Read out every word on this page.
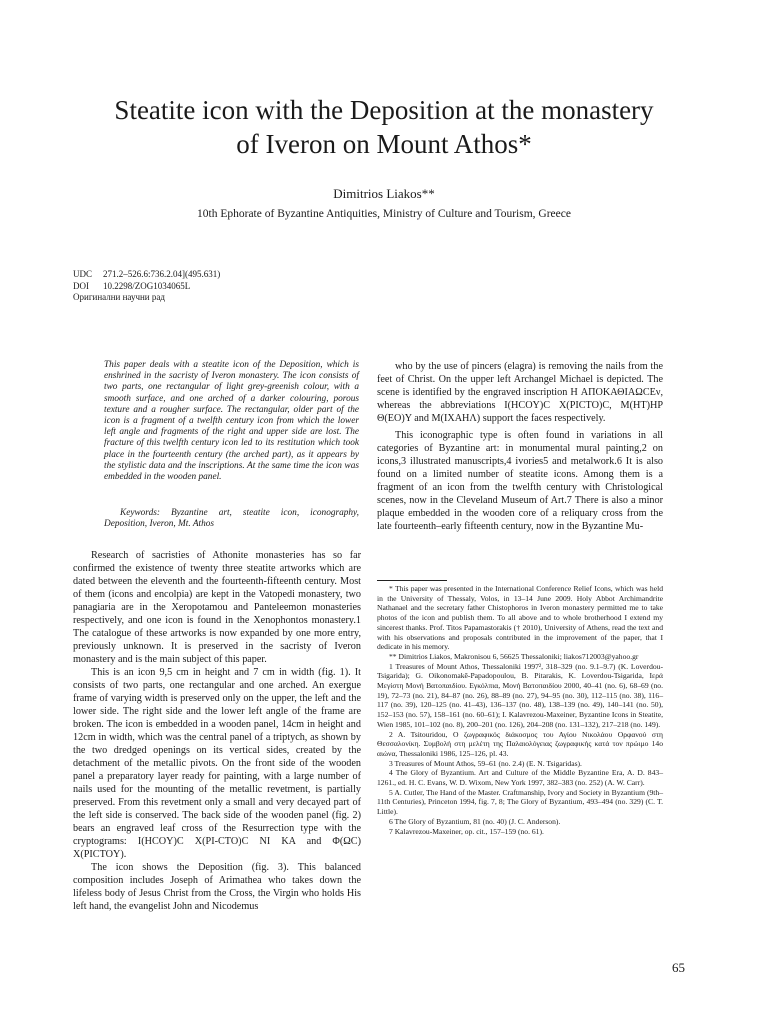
Steatite icon with the Deposition at the monastery
of Iveron on Mount Athos*
Dimitrios Liakos**
10th Ephorate of Byzantine Antiquities, Ministry of Culture and Tourism, Greece
UDC 271.2–526.6:736.2.04](495.631)
DOI 10.2298/ZOG1034065L
Оригинални научни рад

This paper deals with a steatite icon of the Deposition, which is enshrined in the sacristy of Iveron monastery. The icon consists of two parts, one rectangular of light grey-greenish colour, with a smooth surface, and one arched of a darker colouring, porous texture and a rougher surface. The rectangular, older part of the icon is a fragment of a twelfth century icon from which the lower left angle and fragments of the right and upper side are lost. The fracture of this twelfth century icon led to its restitution which took place in the fourteenth century (the arched part), as it appears by the stylistic data and the inscriptions. At the same time the icon was embedded in the wooden panel.

Keywords: Byzantine art, steatite icon, iconography, Deposition, Iveron, Mt. Athos

Research of sacristies of Athonite monasteries has so far confirmed the existence of twenty three steatite artworks which are dated between the eleventh and the fourteenth-fifteenth century. Most of them (icons and encolpia) are kept in the Vatopedi monastery, two panagiaria are in the Xeropotamou and Panteleemon monasteries respectively, and one icon is found in the Xenophontos monastery.1 The catalogue of these artworks is now expanded by one more entry, previously unknown. It is preserved in the sacristy of Iveron monastery and is the main subject of this paper.

This is an icon 9,5 cm in height and 7 cm in width (fig. 1). It consists of two parts, one rectangular and one arched. An exergue frame of varying width is preserved only on the upper, the left and the lower side. The right side and the lower left angle of the frame are broken. The icon is embedded in a wooden panel, 14cm in height and 12cm in width, which was the central panel of a triptych, as shown by the two dredged openings on its vertical sides, created by the detachment of the metallic pivots. On the front side of the wooden panel a preparatory layer ready for painting, with a large number of nails used for the mounting of the metallic revetment, is partially preserved. From this revetment only a small and very decayed part of the left side is conserved. The back side of the wooden panel (fig. 2) bears an engraved leaf cross of the Resurrection type with the cryptograms: I(HCOY)C X(PI-CTO)C NI KA and Φ(ΩC) X(PICTOY).

The icon shows the Deposition (fig. 3). This balanced composition includes Joseph of Arimathea who takes down the lifeless body of Jesus Christ from the Cross, the Virgin who holds His left hand, the evangelist John and Nicodemus

who by the use of pincers (elagra) is removing the nails from the feet of Christ. On the upper left Archangel Michael is depicted. The scene is identified by the engraved inscription H ΑΠΟΚΑΘΙΑΩCEν, whereas the abbreviations I(HCOY)C X(PICTO)C, M(HT)HP Θ(EO)Y and M(IXAHΛ) support the faces respectively.

This iconographic type is often found in variations in all categories of Byzantine art: in monumental mural painting,2 on icons,3 illustrated manuscripts,4 ivories5 and metalwork.6 It is also found on a limited number of steatite icons. Among them is a fragment of an icon from the twelfth century with Christological scenes, now in the Cleveland Museum of Art.7 There is also a minor plaque embedded in the wooden core of a reliquary cross from the late fourteenth–early fifteenth century, now in the Byzantine Mu-

* This paper was presented in the International Conference Relief Icons, which was held in the University of Thessaly, Volos, in 13–14 June 2009. Holy Abbot Archimandrite Nathanael and the secretary father Chistophoros in Iveron monastery permitted me to take photos of the icon and publish them. To all above and to whole brotherhood I extend my sincerest thanks. Prof. Titos Papamastorakis († 2010), University of Athens, read the text and with his observations and proposals contributed in the improvement of the paper, that I dedicate in his memory.

** Dimitrios Liakos, Makronisou 6, 56625 Thessaloniki; liakos712003@yahoo.gr

1 Treasures of Mount Athos, Thessaloniki 1997², 318–329 (no. 9.1–9.7) (K. Loverdou-Tsigarida); G. Oikonomakē-Papadopoulou, B. Pitarakis, K. Loverdou-Tsigarida, Ιερά Μεγίστη Μονή Βατοπαιδίου. Εγκόλπια, Μονή Βατοπαιδίου 2000, 40–41 (no. 6), 68–69 (no. 19), 72–73 (no. 21), 84–87 (no. 26), 88–89 (no. 27), 94–95 (no. 30), 112–115 (no. 38), 116–117 (no. 39), 120–125 (no. 41–43), 136–137 (no. 48), 138–139 (no. 49), 140–141 (no. 50), 152–153 (no. 57), 158–161 (no. 60–61); I. Kalavrezou-Maxeiner, Byzantine Icons in Steatite, Wien 1985, 101–102 (no. 8), 200–201 (no. 126), 204–208 (no. 131–132), 217–218 (no. 149).

2 A. Tsitouridou, Ο ζωγραφικός διάκοσμος του Αγίου Νικολάου Ορφανού στη Θεσσαλονίκη. Συμβολή στη μελέτη της Παλαιολόγειας ζωγραφικής κατά τον πρώιμο 14ο αιώνα, Thessaloniki 1986, 125–126, pl. 43.

3 Treasures of Mount Athos, 59–61 (no. 2.4) (E. N. Tsigaridas).

4 The Glory of Byzantium. Art and Culture of the Middle Byzantine Era, A. D. 843–1261., ed. H. C. Evans, W. D. Wixom, New York 1997, 382–383 (no. 252) (A. W. Carr).

5 A. Cutler, The Hand of the Master. Craftmanship, Ivory and Society in Byzantium (9th–11th Centuries), Princeton 1994, fig. 7, 8; The Glory of Byzantium, 493–494 (no. 329) (C. T. Little).

6 The Glory of Byzantium, 81 (no. 40) (J. C. Anderson).

7 Kalavrezou-Maxeiner, op. cit., 157–159 (no. 61).

65
